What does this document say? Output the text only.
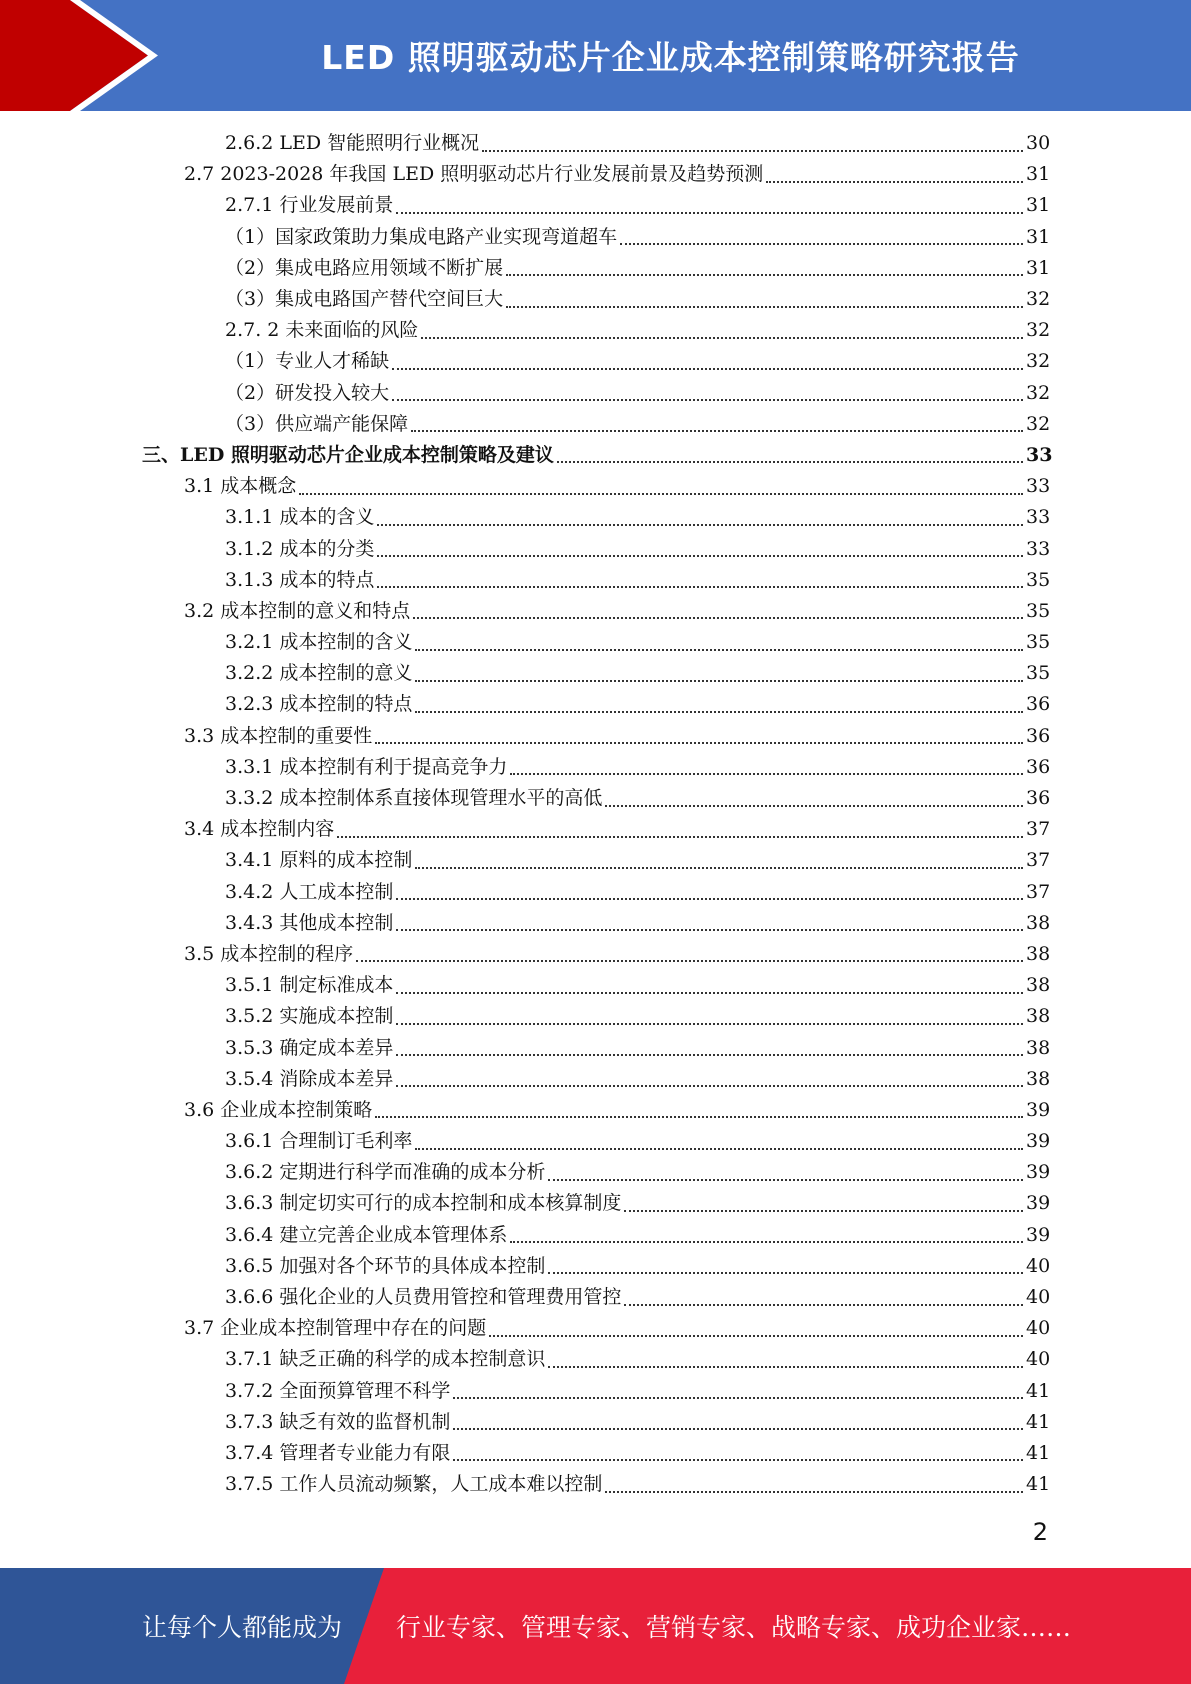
LED 照明驱动芯片企业成本控制策略研究报告
2.6.2 LED 智能照明行业概况	30
2.7 2023-2028 年我国 LED 照明驱动芯片行业发展前景及趋势预测	31
2.7.1 行业发展前景	31
（1）国家政策助力集成电路产业实现弯道超车	31
（2）集成电路应用领域不断扩展	31
（3）集成电路国产替代空间巨大	32
2.7. 2 未来面临的风险	32
（1）专业人才稀缺	32
（2）研发投入较大	32
（3）供应端产能保障	32
三、LED 照明驱动芯片企业成本控制策略及建议	33
3.1 成本概念	33
3.1.1 成本的含义	33
3.1.2 成本的分类	33
3.1.3 成本的特点	35
3.2 成本控制的意义和特点	35
3.2.1 成本控制的含义	35
3.2.2 成本控制的意义	35
3.2.3 成本控制的特点	36
3.3 成本控制的重要性	36
3.3.1 成本控制有利于提高竞争力	36
3.3.2 成本控制体系直接体现管理水平的高低	36
3.4 成本控制内容	37
3.4.1 原料的成本控制	37
3.4.2 人工成本控制	37
3.4.3 其他成本控制	38
3.5 成本控制的程序	38
3.5.1 制定标准成本	38
3.5.2 实施成本控制	38
3.5.3 确定成本差异	38
3.5.4 消除成本差异	38
3.6 企业成本控制策略	39
3.6.1 合理制订毛利率	39
3.6.2 定期进行科学而准确的成本分析	39
3.6.3 制定切实可行的成本控制和成本核算制度	39
3.6.4 建立完善企业成本管理体系	39
3.6.5 加强对各个环节的具体成本控制	40
3.6.6 强化企业的人员费用管控和管理费用管控	40
3.7 企业成本控制管理中存在的问题	40
3.7.1 缺乏正确的科学的成本控制意识	40
3.7.2 全面预算管理不科学	41
3.7.3 缺乏有效的监督机制	41
3.7.4 管理者专业能力有限	41
3.7.5 工作人员流动频繁，人工成本难以控制	41
2
让每个人都能成为 行业专家、管理专家、营销专家、战略专家、成功企业家……
